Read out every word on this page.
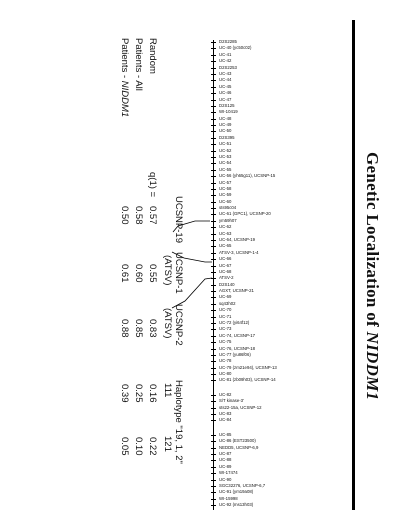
Genetic Localization of NIDDM1
D2S2285
UC-40 (yc50c02)
UC-41
UC-42
D2S2253
UC-43
UC-44
UC-45
UC-46
UC-47
D2S125
WI-10419
UC-48
UC-49
UC-50
D2S395
UC-51
UC-52
UC-53
UC-54
UC-55
UC-56 (yh65g11), UCSNP-15
UC-57
UC-58
UC-59
UC-60
sts95c04
UC-61 (GPC1), UCSNP-20
ym59h07
UC-62
UC-63
UC-64, UCSNP-19
UC-65
ATSV-3, UCSNP-1-4
UC-66
UC-67
UC-68
ATSV-2
D2S140
AGXT, UCSNP-21
UC-69
sq43h02
UC-70
UC-71
UC-72 (yi64f12)
UC-73
UC-74, UCSNP-17
UC-75
UC-76, UCSNP-18
UC-77 (yu86f06)
UC-78
UC-79 (zm21e94), UCSNP-13
UC-80
UC-81 (zb09h03), UCSNP-14
UC-82
S/T kinase-3'
sts22-15a, UCSNP-12
UC-83
UC-84
UC-85
UC-86 (EST23500)
NEDD5, UCSNP-6,9
UC-87
UC-88
UC-89
WI-17474
UC-90
SGC32276, UCSNP-6,7
UC-91 (ym19a08)
WI-15998
UC-92 (ms13h03)
Random
Patients - All
Patients - NIDDM1
q(1) =
UCSNP-19
UCSNP-1
(ATSV)
UCSNP-2
(ATSV)
0.57
0.58
0.50
0.55
0.60
0.61
0.83
0.85
0.88
Haplotype "19, 1, 2"
111
121
0.16
0.25
0.39
0.22
0.10
0.05
